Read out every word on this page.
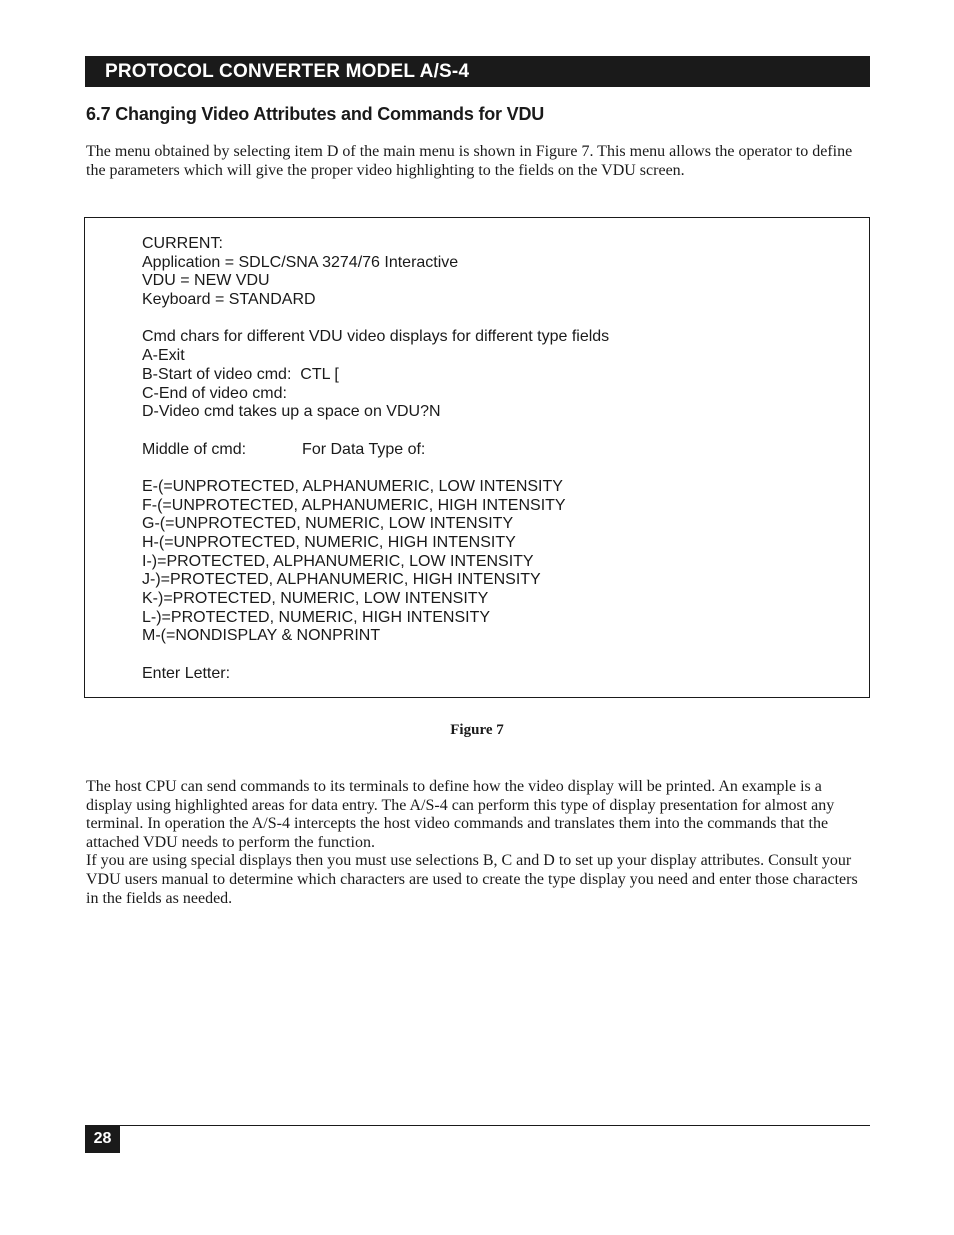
PROTOCOL CONVERTER MODEL A/S-4
6.7 Changing Video Attributes and Commands for VDU

The menu obtained by selecting item D of the main menu is shown in Figure 7. This menu allows the operator to define the parameters which will give the proper video highlighting to the fields on the VDU screen.

CURRENT:
Application = SDLC/SNA 3274/76 Interactive
VDU = NEW VDU
Keyboard = STANDARD
Cmd chars for different VDU video displays for different type fields
A-Exit
B-Start of video cmd:  CTL [
C-End of video cmd:
D-Video cmd takes up a space on VDU?N
Middle of cmd:	For Data Type of:
E-(=UNPROTECTED, ALPHANUMERIC, LOW INTENSITY
F-(=UNPROTECTED, ALPHANUMERIC, HIGH INTENSITY
G-(=UNPROTECTED, NUMERIC, LOW INTENSITY
H-(=UNPROTECTED, NUMERIC, HIGH INTENSITY
I-)=PROTECTED, ALPHANUMERIC, LOW INTENSITY
J-)=PROTECTED, ALPHANUMERIC, HIGH INTENSITY
K-)=PROTECTED, NUMERIC, LOW INTENSITY
L-)=PROTECTED, NUMERIC, HIGH INTENSITY
M-(=NONDISPLAY & NONPRINT
Enter Letter:
Figure 7

The host CPU can send commands to its terminals to define how the video display will be printed. An example is a display using highlighted areas for data entry. The A/S-4 can perform this type of display presentation for almost any terminal. In operation the A/S-4 intercepts the host video commands and translates them into the commands that the attached VDU needs to perform the function.

If you are using special displays then you must use selections B, C and D to set up your display attributes. Consult your VDU users manual to determine which characters are used to create the type display you need and enter those characters in the fields as needed.

28
